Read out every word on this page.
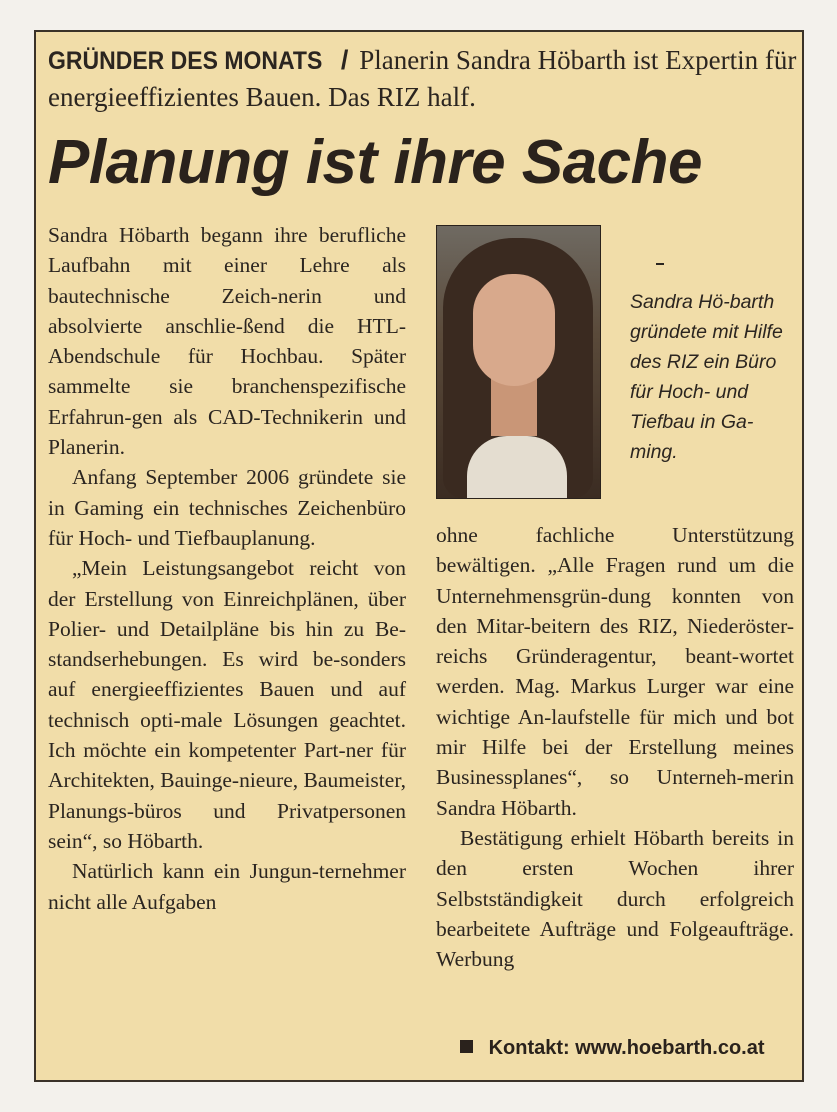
GRÜNDER DES MONATS / Planerin Sandra Höbarth ist Expertin für energieeffizientes Bauen. Das RIZ half.
Planung ist ihre Sache

Sandra Höbarth begann ihre berufliche Laufbahn mit einer Lehre als bautechnische Zeich-nerin und absolvierte anschlie-ßend die HTL-Abendschule für Hochbau. Später sammelte sie branchenspezifische Erfahrun-gen als CAD-Technikerin und Planerin.

Anfang September 2006 gründete sie in Gaming ein technisches Zeichenbüro für Hoch- und Tiefbauplanung.

„Mein Leistungsangebot reicht von der Erstellung von Einreichplänen, über Polier- und Detailpläne bis hin zu Be-standserhebungen. Es wird be-sonders auf energieeffizientes Bauen und auf technisch opti-male Lösungen geachtet. Ich möchte ein kompetenter Part-ner für Architekten, Bauinge-nieure, Baumeister, Planungs-büros und Privatpersonen sein“, so Höbarth.

Natürlich kann ein Jungun-ternehmer nicht alle Aufgaben

Sandra Hö-barth gründete mit Hilfe des RIZ ein Büro für Hoch- und Tiefbau in Ga-ming.

ohne fachliche Unterstützung bewältigen. „Alle Fragen rund um die Unternehmensgrün-dung konnten von den Mitar-beitern des RIZ, Niederöster-reichs Gründeragentur, beant-wortet werden. Mag. Markus Lurger war eine wichtige An-laufstelle für mich und bot mir Hilfe bei der Erstellung meines Businessplanes“, so Unterneh-merin Sandra Höbarth.

Bestätigung erhielt Höbarth bereits in den ersten Wochen ihrer Selbstständigkeit durch erfolgreich bearbeitete Aufträge und Folgeaufträge. Werbung

Kontakt: www.hoebarth.co.at
